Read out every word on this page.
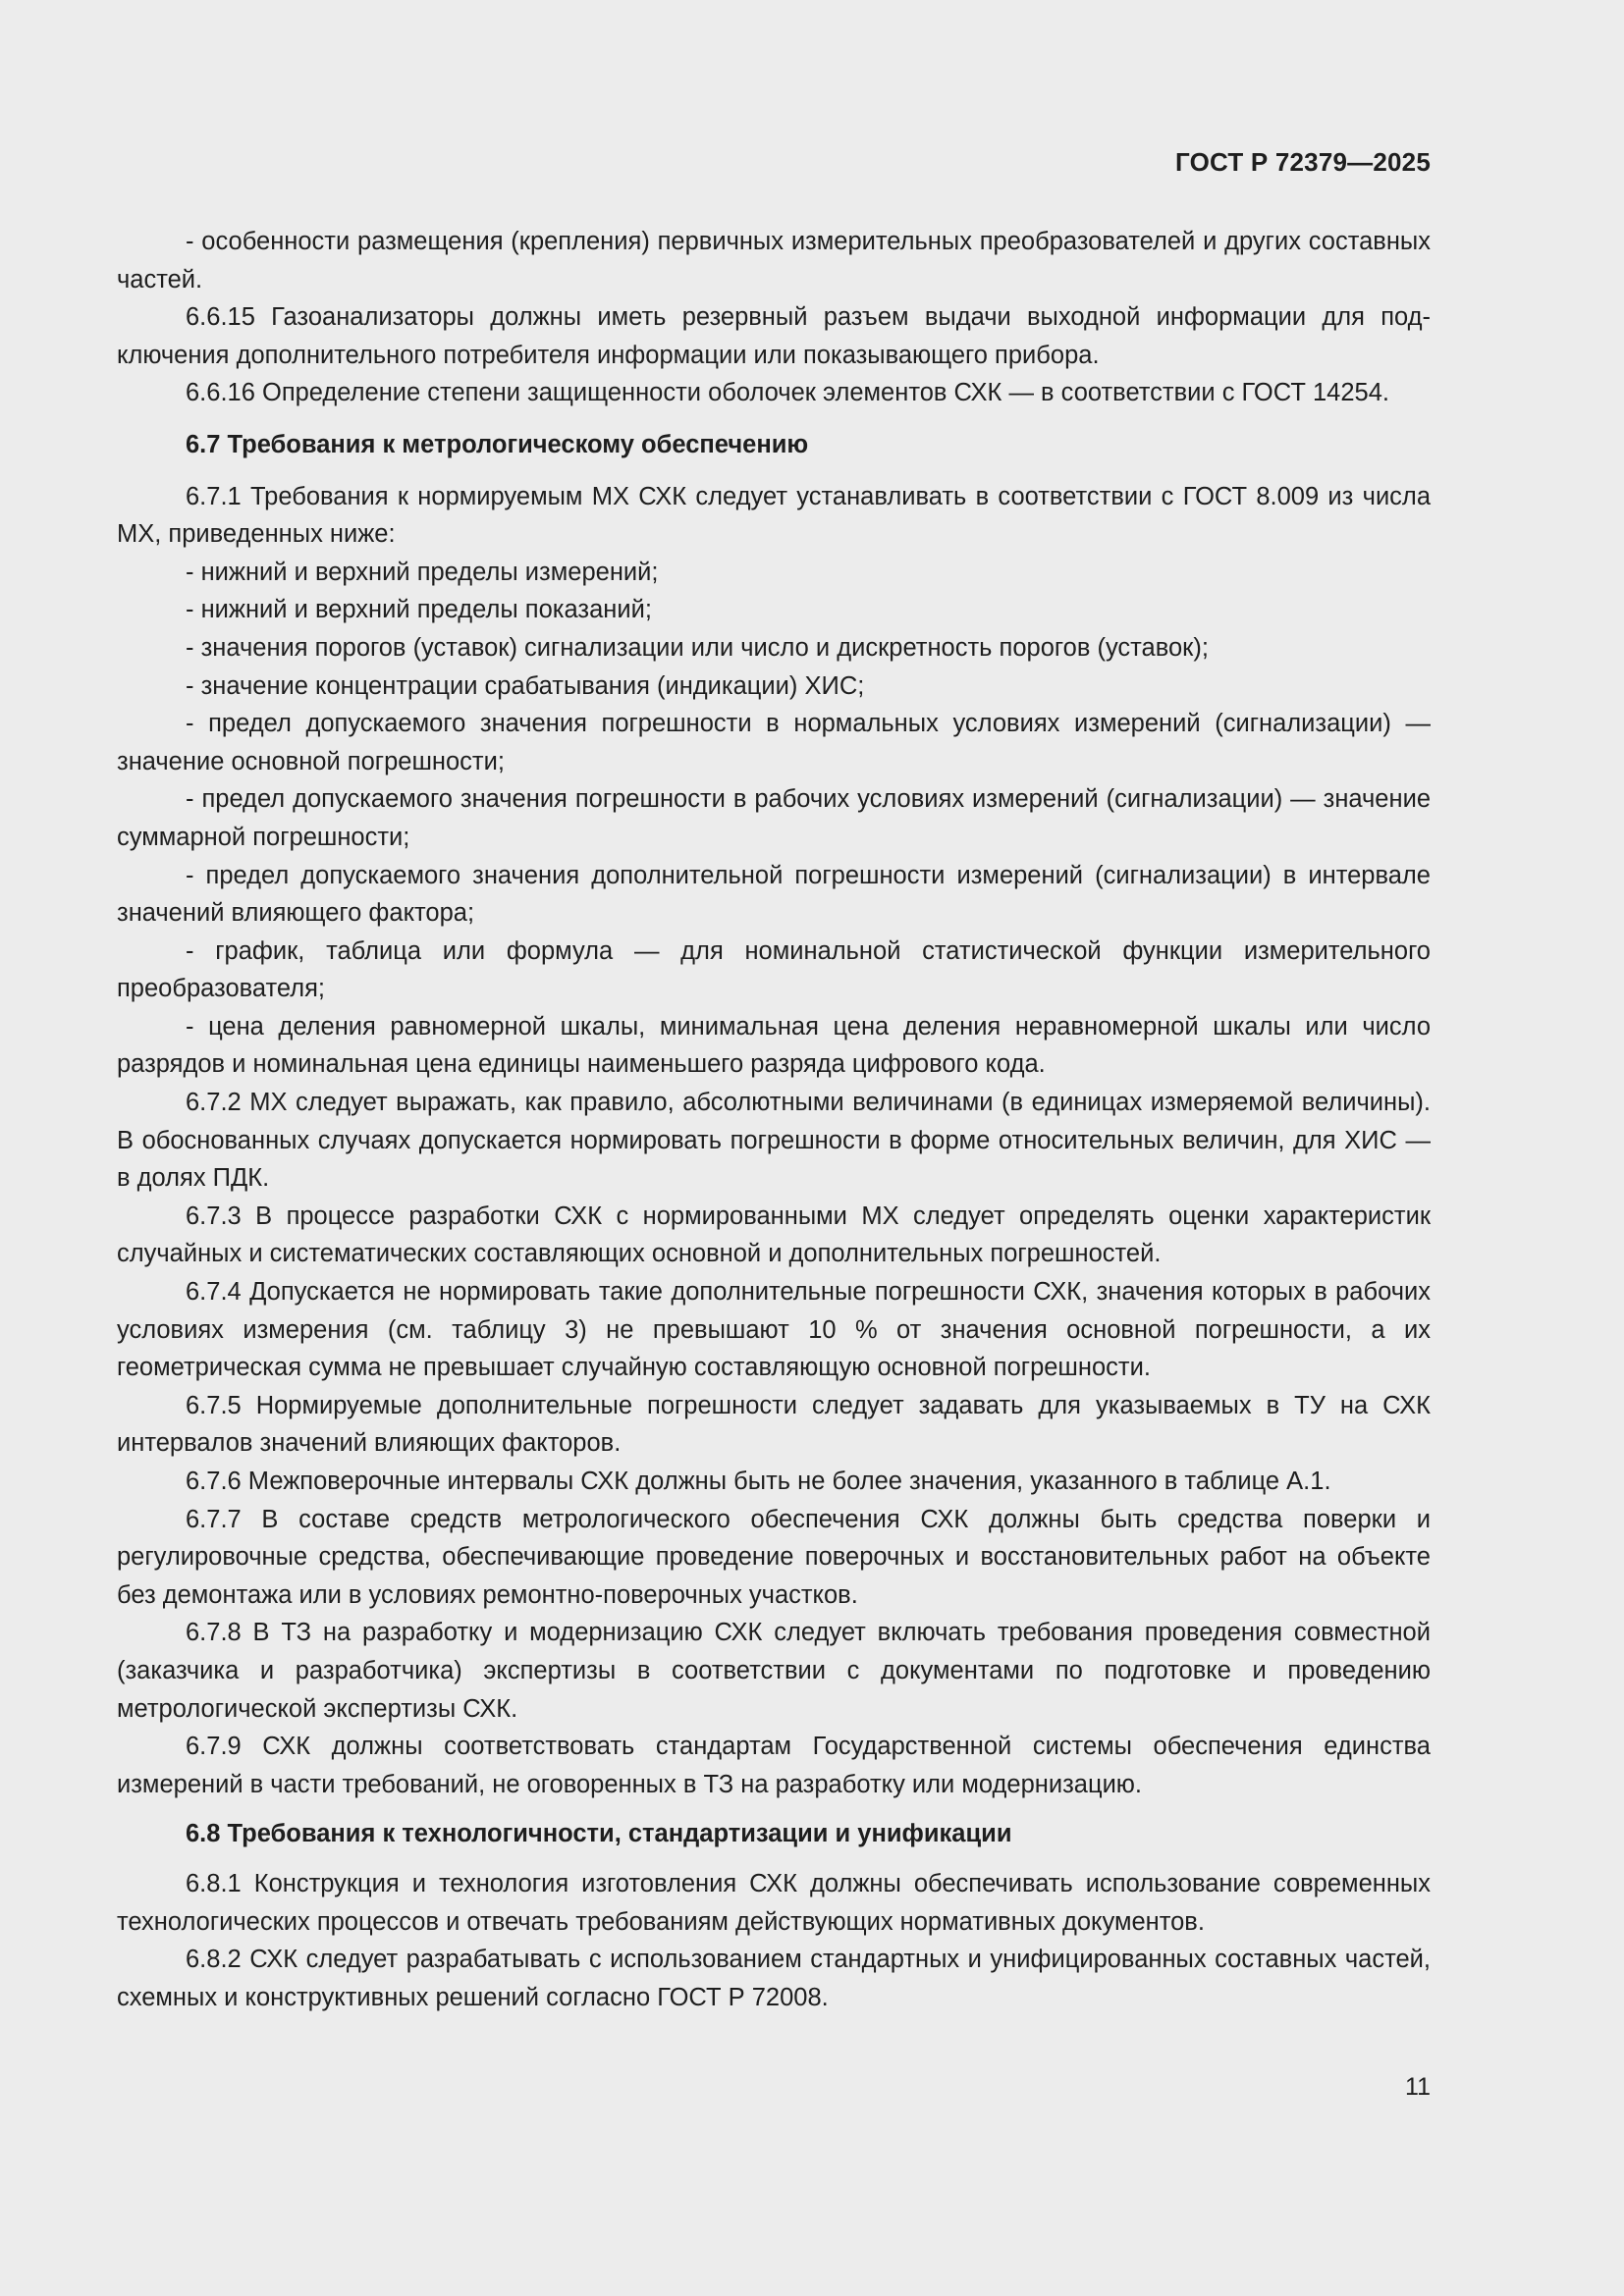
ГОСТ Р 72379—2025

- особенности размещения (крепления) первичных измерительных преобразователей и других составных частей.

6.6.15 Газоанализаторы должны иметь резервный разъем выдачи выходной информации для подключения дополнительного потребителя информации или показывающего прибора.

6.6.16 Определение степени защищенности оболочек элементов СХК — в соответствии с ГОСТ 14254.

6.7 Требования к метрологическому обеспечению

6.7.1 Требования к нормируемым МХ СХК следует устанавливать в соответствии с ГОСТ 8.009 из числа МХ, приведенных ниже:

- нижний и верхний пределы измерений;

- нижний и верхний пределы показаний;

- значения порогов (уставок) сигнализации или число и дискретность порогов (уставок);

- значение концентрации срабатывания (индикации) ХИС;

- предел допускаемого значения погрешности в нормальных условиях измерений (сигнализации) — значение основной погрешности;

- предел допускаемого значения погрешности в рабочих условиях измерений (сигнализации) — значение суммарной погрешности;

- предел допускаемого значения дополнительной погрешности измерений (сигнализации) в интервале значений влияющего фактора;

- график, таблица или формула — для номинальной статистической функции измерительного преобразователя;

- цена деления равномерной шкалы, минимальная цена деления неравномерной шкалы или число разрядов и номинальная цена единицы наименьшего разряда цифрового кода.

6.7.2 МХ следует выражать, как правило, абсолютными величинами (в единицах измеряемой величины). В обоснованных случаях допускается нормировать погрешности в форме относительных величин, для ХИС — в долях ПДК.

6.7.3 В процессе разработки СХК с нормированными МХ следует определять оценки характеристик случайных и систематических составляющих основной и дополнительных погрешностей.

6.7.4 Допускается не нормировать такие дополнительные погрешности СХК, значения которых в рабочих условиях измерения (см. таблицу 3) не превышают 10 % от значения основной погрешности, а их геометрическая сумма не превышает случайную составляющую основной погрешности.

6.7.5 Нормируемые дополнительные погрешности следует задавать для указываемых в ТУ на СХК интервалов значений влияющих факторов.

6.7.6 Межповерочные интервалы СХК должны быть не более значения, указанного в таблице А.1.

6.7.7 В составе средств метрологического обеспечения СХК должны быть средства поверки и регулировочные средства, обеспечивающие проведение поверочных и восстановительных работ на объекте без демонтажа или в условиях ремонтно-поверочных участков.

6.7.8 В ТЗ на разработку и модернизацию СХК следует включать требования проведения совместной (заказчика и разработчика) экспертизы в соответствии с документами по подготовке и проведению метрологической экспертизы СХК.

6.7.9 СХК должны соответствовать стандартам Государственной системы обеспечения единства измерений в части требований, не оговоренных в ТЗ на разработку или модернизацию.

6.8 Требования к технологичности, стандартизации и унификации

6.8.1 Конструкция и технология изготовления СХК должны обеспечивать использование современных технологических процессов и отвечать требованиям действующих нормативных документов.

6.8.2 СХК следует разрабатывать с использованием стандартных и унифицированных составных частей, схемных и конструктивных решений согласно ГОСТ Р 72008.

11
